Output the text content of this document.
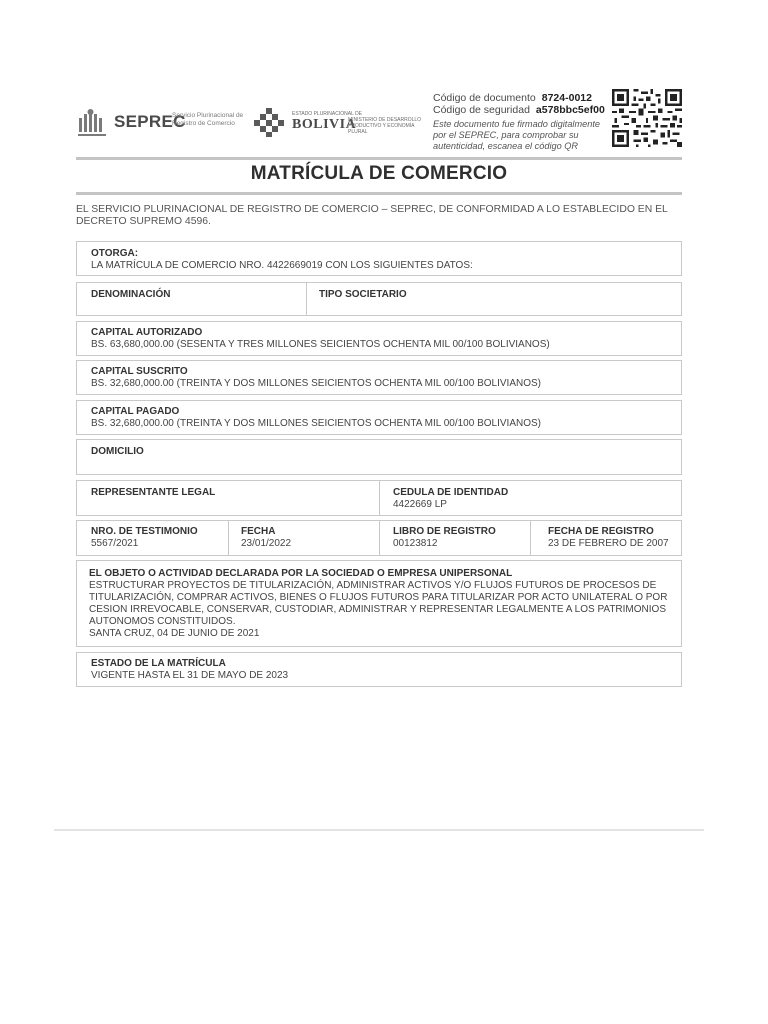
SEPREC
Servicio Plurinacional de Registro de Comercio
ESTADO PLURINACIONAL DE
BOLIVIA
MINISTERIO DE DESARROLLO PRODUCTIVO Y ECONOMÍA PLURAL
Código de documento 8724-0012
Código de seguridad a578bbc5ef00
Este documento fue firmado digitalmente por el SEPREC, para comprobar su autenticidad, escanea el código QR
MATRÍCULA DE COMERCIO
EL SERVICIO PLURINACIONAL DE REGISTRO DE COMERCIO – SEPREC, DE CONFORMIDAD A LO ESTABLECIDO EN EL DECRETO SUPREMO 4596.
OTORGA:
LA MATRÍCULA DE COMERCIO NRO. 4422669019 CON LOS SIGUIENTES DATOS:
DENOMINACIÓN	TIPO SOCIETARIO
CAPITAL AUTORIZADO
BS. 63,680,000.00 (SESENTA Y TRES MILLONES SEICIENTOS OCHENTA MIL 00/100 BOLIVIANOS)
CAPITAL SUSCRITO
BS. 32,680,000.00 (TREINTA Y DOS MILLONES SEICIENTOS OCHENTA MIL 00/100 BOLIVIANOS)
CAPITAL PAGADO
BS. 32,680,000.00 (TREINTA Y DOS MILLONES SEICIENTOS OCHENTA MIL 00/100 BOLIVIANOS)
DOMICILIO
REPRESENTANTE LEGAL	CEDULA DE IDENTIDAD
4422669 LP
NRO. DE TESTIMONIO
5567/2021
FECHA
23/01/2022
LIBRO DE REGISTRO
00123812
FECHA DE REGISTRO
23 DE FEBRERO DE 2007
EL OBJETO O ACTIVIDAD DECLARADA POR LA SOCIEDAD O EMPRESA UNIPERSONAL
ESTRUCTURAR PROYECTOS DE TITULARIZACIÓN, ADMINISTRAR ACTIVOS Y/O FLUJOS FUTUROS DE PROCESOS DE TITULARIZACIÓN, COMPRAR ACTIVOS, BIENES O FLUJOS FUTUROS PARA TITULARIZAR POR ACTO UNILATERAL O POR CESION IRREVOCABLE, CONSERVAR, CUSTODIAR, ADMINISTRAR Y REPRESENTAR LEGALMENTE A LOS PATRIMONIOS AUTONOMOS CONSTITUIDOS.
SANTA CRUZ, 04 DE JUNIO DE 2021
ESTADO DE LA MATRÍCULA
VIGENTE HASTA EL 31 DE MAYO DE 2023
